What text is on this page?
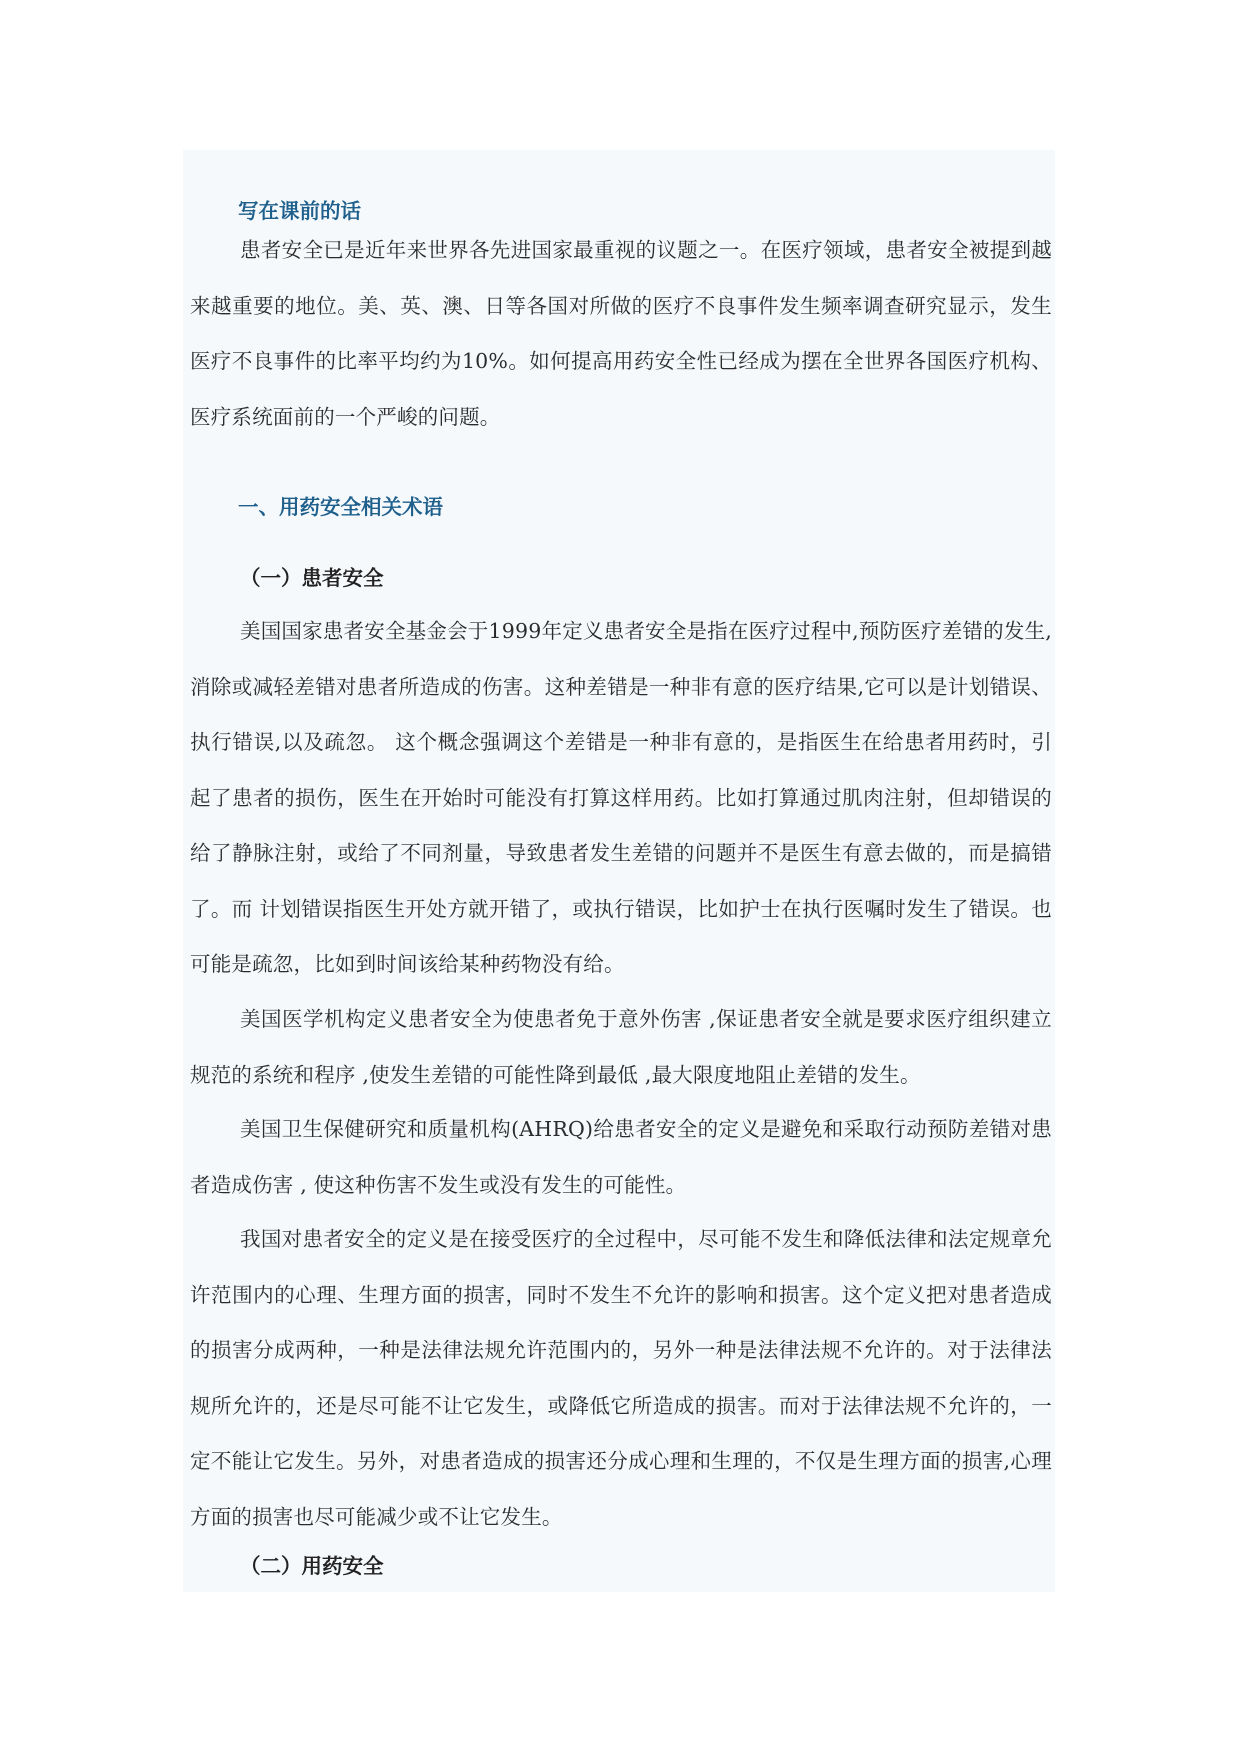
写在课前的话

患者安全已是近年来世界各先进国家最重视的议题之一。在医疗领域，患者安全被提到越来越重要的地位。美、英、澳、日等各国对所做的医疗不良事件发生频率调查研究显示，发生医疗不良事件的比率平均约为10%。如何提高用药安全性已经成为摆在全世界各国医疗机构、医疗系统面前的一个严峻的问题。

一、用药安全相关术语
（一）患者安全

美国国家患者安全基金会于1999年定义患者安全是指在医疗过程中,预防医疗差错的发生,消除或减轻差错对患者所造成的伤害。这种差错是一种非有意的医疗结果,它可以是计划错误、执行错误,以及疏忽。 这个概念强调这个差错是一种非有意的，是指医生在给患者用药时，引起了患者的损伤，医生在开始时可能没有打算这样用药。比如打算通过肌肉注射，但却错误的给了静脉注射，或给了不同剂量，导致患者发生差错的问题并不是医生有意去做的，而是搞错了。而 计划错误指医生开处方就开错了，或执行错误，比如护士在执行医嘱时发生了错误。也可能是疏忽，比如到时间该给某种药物没有给。

美国医学机构定义患者安全为使患者免于意外伤害 ,保证患者安全就是要求医疗组织建立规范的系统和程序 ,使发生差错的可能性降到最低 ,最大限度地阻止差错的发生。

美国卫生保健研究和质量机构(AHRQ)给患者安全的定义是避免和采取行动预防差错对患者造成伤害 , 使这种伤害不发生或没有发生的可能性。

我国对患者安全的定义是在接受医疗的全过程中，尽可能不发生和降低法律和法定规章允许范围内的心理、生理方面的损害，同时不发生不允许的影响和损害。这个定义把对患者造成的损害分成两种，一种是法律法规允许范围内的，另外一种是法律法规不允许的。对于法律法规所允许的，还是尽可能不让它发生，或降低它所造成的损害。而对于法律法规不允许的，一定不能让它发生。另外，对患者造成的损害还分成心理和生理的，不仅是生理方面的损害,心理方面的损害也尽可能减少或不让它发生。

（二）用药安全
